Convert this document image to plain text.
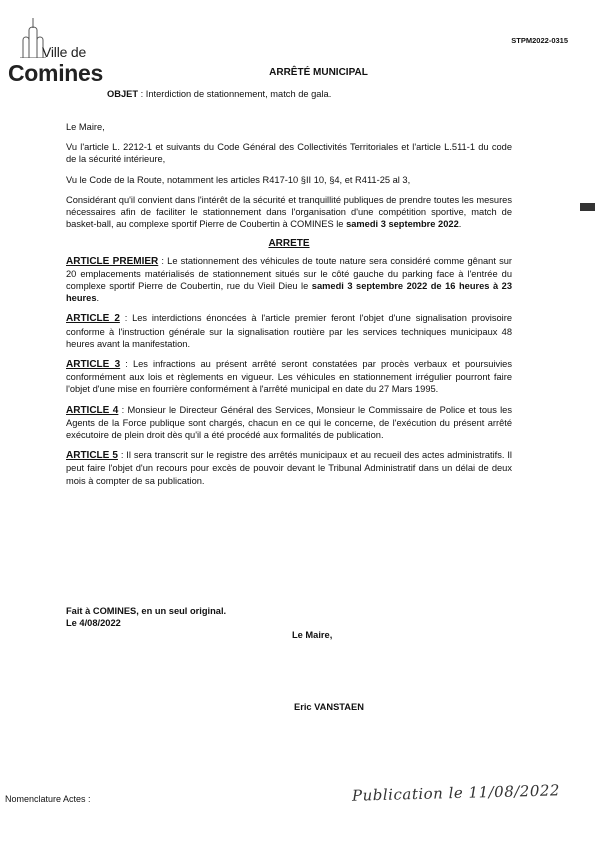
Ville de
Comines
STPM2022-0315
ARRÊTÉ MUNICIPAL
OBJET : Interdiction de stationnement, match de gala.

Le Maire,

Vu l'article L. 2212-1 et suivants du Code Général des Collectivités Territoriales et l'article L.511-1 du code de la sécurité intérieure,

Vu le Code de la Route, notamment les articles R417-10 §II 10, §4, et R411-25 al 3,

Considérant qu'il convient dans l'intérêt de la sécurité et tranquillité publiques de prendre toutes les mesures nécessaires afin de faciliter le stationnement dans l'organisation d'une compétition sportive, match de basket-ball, au complexe sportif Pierre de Coubertin à COMINES le samedi 3 septembre 2022.

ARRETE

ARTICLE PREMIER : Le stationnement des véhicules de toute nature sera considéré comme gênant sur 20 emplacements matérialisés de stationnement situés sur le côté gauche du parking face à l'entrée du complexe sportif Pierre de Coubertin, rue du Vieil Dieu le samedi 3 septembre 2022 de 16 heures à 23 heures.

ARTICLE 2 : Les interdictions énoncées à l'article premier feront l'objet d'une signalisation provisoire conforme à l'instruction générale sur la signalisation routière par les services techniques municipaux 48 heures avant la manifestation.

ARTICLE 3 : Les infractions au présent arrêté seront constatées par procès verbaux et poursuivies conformément aux lois et règlements en vigueur. Les véhicules en stationnement irrégulier pourront faire l'objet d'une mise en fourrière conformément à l'arrêté municipal en date du 27 Mars 1995.

ARTICLE 4 : Monsieur le Directeur Général des Services, Monsieur le Commissaire de Police et tous les Agents de la Force publique sont chargés, chacun en ce qui le concerne, de l'exécution du présent arrêté exécutoire de plein droit dès qu'il a été procédé aux formalités de publication.

ARTICLE 5 : Il sera transcrit sur le registre des arrêtés municipaux et au recueil des actes administratifs. Il peut faire l'objet d'un recours pour excès de pouvoir devant le Tribunal Administratif dans un délai de deux mois à compter de sa publication.

Fait à COMINES, en un seul original.
Le 4/08/2022
Le Maire,
Eric VANSTAEN
Nomenclature Actes :	Publication le 11/08/2022
